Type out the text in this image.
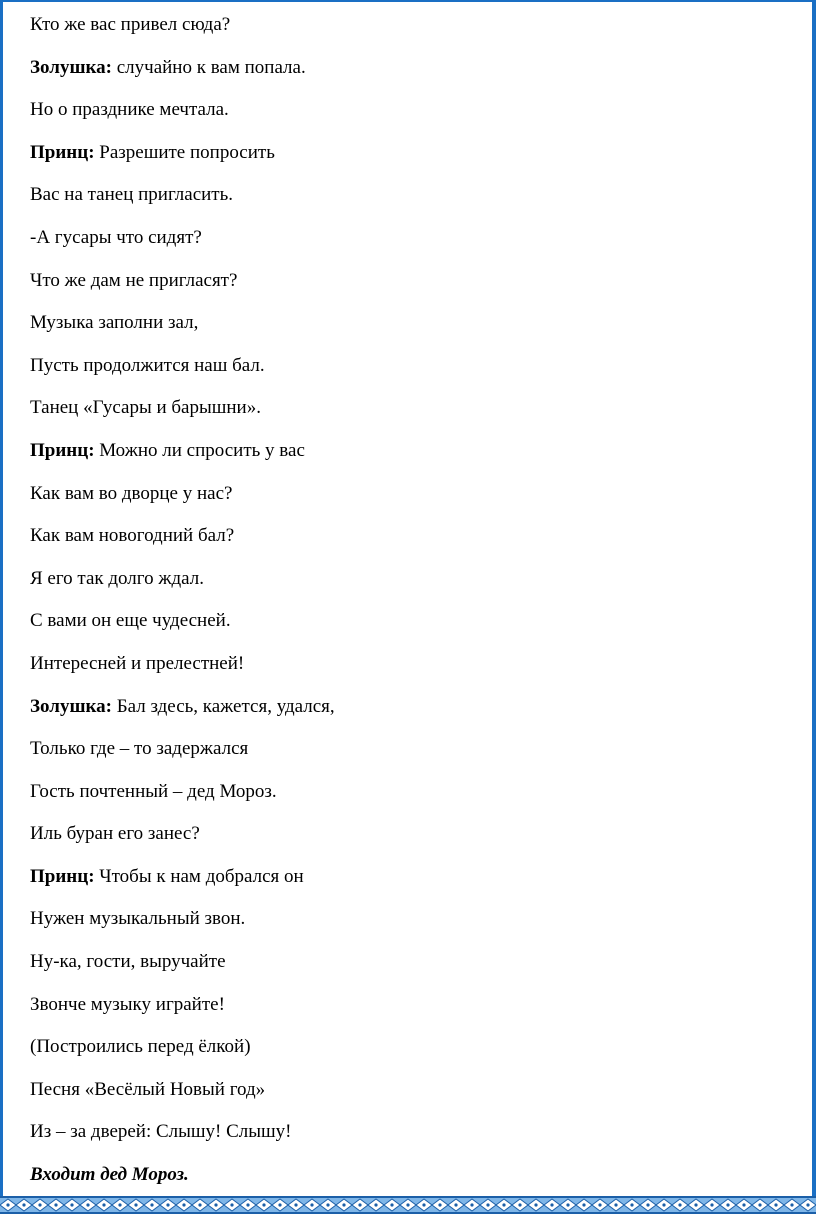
Кто же вас привел сюда?
Золушка: случайно к вам попала.
Но о празднике мечтала.
Принц: Разрешите попросить
Вас на танец пригласить.
-А гусары что сидят?
Что же дам не пригласят?
Музыка заполни зал,
Пусть продолжится наш бал.
Танец «Гусары и барышни».
Принц: Можно ли спросить у вас
Как вам во дворце у нас?
Как вам новогодний бал?
Я его так долго ждал.
С вами он еще чудесней.
Интересней и прелестней!
Золушка: Бал здесь, кажется, удался,
Только где – то задержался
Гость почтенный – дед Мороз.
Иль буран его занес?
Принц: Чтобы к нам добрался он
Нужен музыкальный звон.
Ну-ка, гости, выручайте
Звонче музыку играйте!
(Построились перед ёлкой)
Песня «Весёлый Новый год»
Из – за дверей: Слышу! Слышу!
Входит дед Мороз.
